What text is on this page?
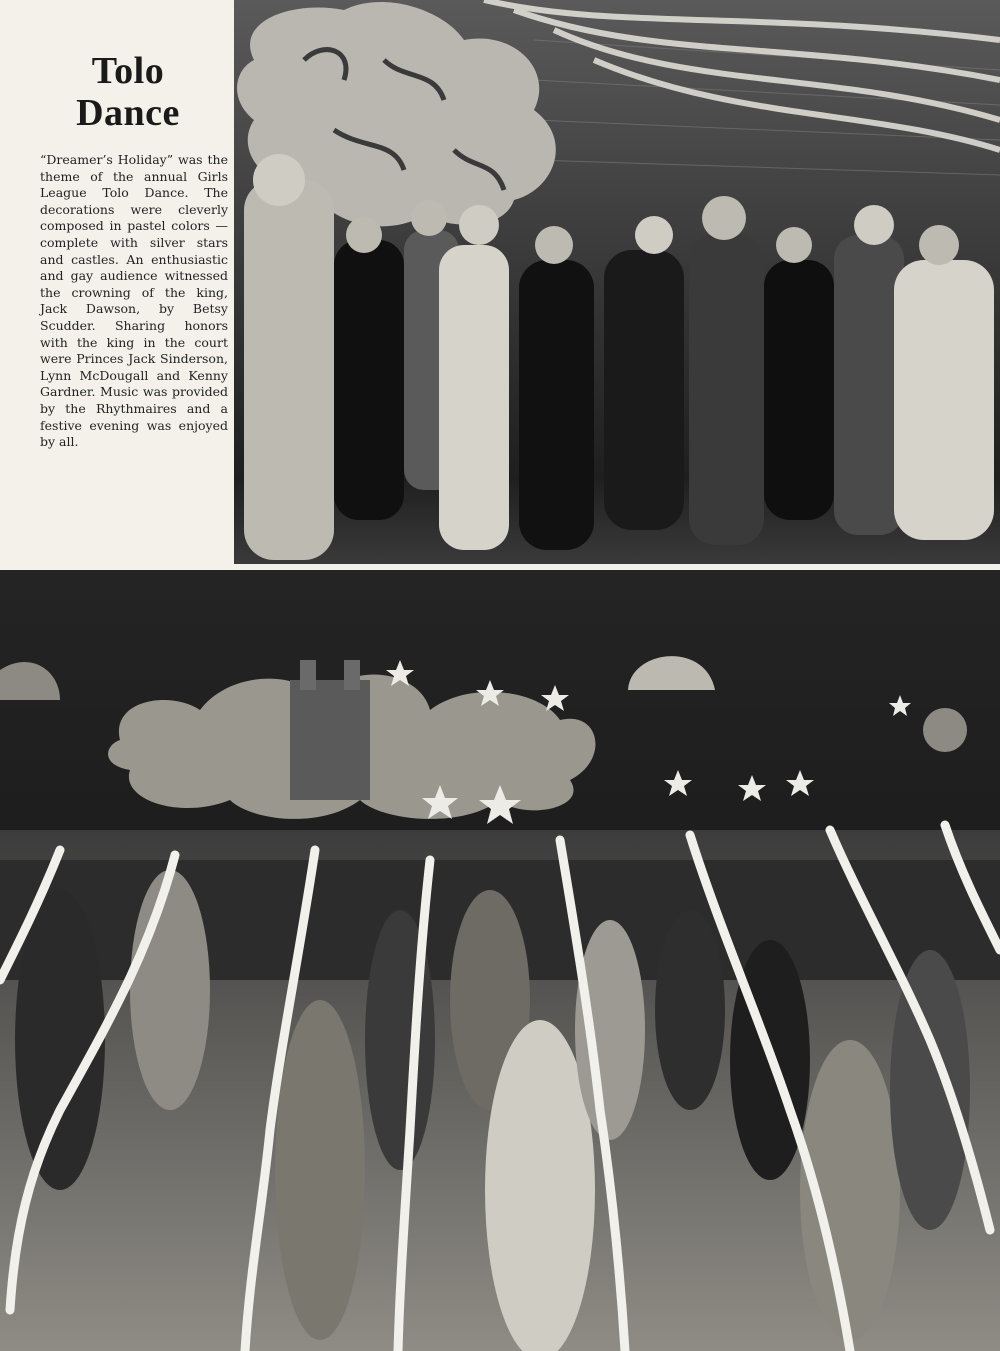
Tolo
Dance

“Dreamer’s Holiday” was the theme of the annual Girls League Tolo Dance. The decorations were cleverly composed in pastel colors — complete with silver stars and castles. An enthusiastic and gay audience witnessed the crowning of the king, Jack Dawson, by Betsy Scudder. Sharing honors with the king in the court were Princes Jack Sinderson, Lynn McDougall and Kenny Gardner. Music was provided by the Rhythmaires and a festive evening was enjoyed by all.
